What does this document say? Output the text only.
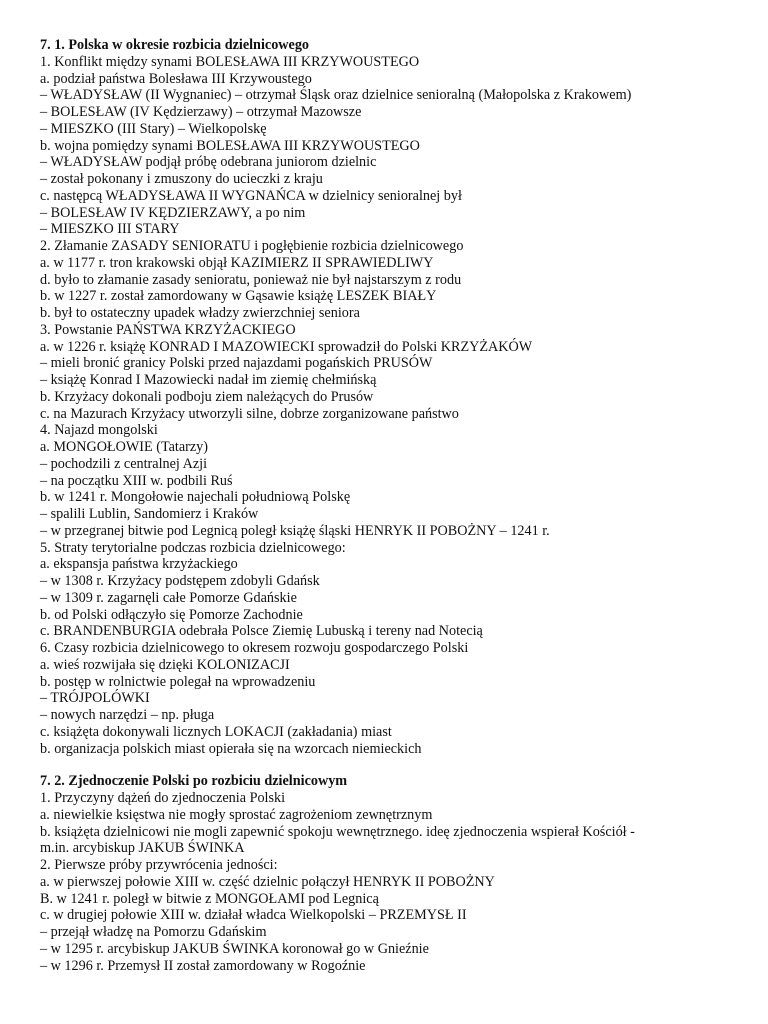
7. 1. Polska w okresie rozbicia dzielnicowego
1. Konflikt między synami BOLESŁAWA III KRZYWOUSTEGO
a. podział państwa Bolesława III Krzywoustego
– WŁADYSŁAW (II Wygnaniec) – otrzymał Śląsk oraz dzielnice senioralną (Małopolska z Krakowem)
– BOLESŁAW (IV Kędzierzawy) – otrzymał Mazowsze
– MIESZKO (III Stary) – Wielkopolskę
b. wojna pomiędzy synami BOLESŁAWA III KRZYWOUSTEGO
– WŁADYSŁAW podjął próbę odebrana juniorom dzielnic
– został pokonany i zmuszony do ucieczki z kraju
c. następcą WŁADYSŁAWA II WYGNAŃCA w dzielnicy senioralnej był
– BOLESŁAW IV KĘDZIERZAWY, a po nim
– MIESZKO III STARY
2. Złamanie ZASADY SENIORATU i pogłębienie rozbicia dzielnicowego
a. w 1177 r. tron krakowski objął KAZIMIERZ II SPRAWIEDLIWY
d. było to złamanie zasady senioratu, ponieważ nie był najstarszym z rodu
b. w 1227 r. został zamordowany w Gąsawie książę LESZEK BIAŁY
b. był to ostateczny upadek władzy zwierzchniej seniora
3. Powstanie PAŃSTWA KRZYŻACKIEGO
a. w 1226 r. książę KONRAD I MAZOWIECKI sprowadził do Polski KRZYŻAKÓW
– mieli bronić granicy Polski przed najazdami pogańskich PRUSÓW
– książę Konrad I Mazowiecki nadał im ziemię chełmińską
b. Krzyżacy dokonali podboju ziem należących do Prusów
c. na Mazurach Krzyżacy utworzyli silne, dobrze zorganizowane państwo
4. Najazd mongolski
a. MONGOŁOWIE (Tatarzy)
– pochodzili z centralnej Azji
– na początku XIII w. podbili Ruś
b. w 1241 r. Mongołowie najechali południową Polskę
– spalili Lublin, Sandomierz i Kraków
– w przegranej bitwie pod Legnicą poległ książę śląski HENRYK II POBOŻNY – 1241 r.
5. Straty terytorialne podczas rozbicia dzielnicowego:
a. ekspansja państwa krzyżackiego
– w 1308 r. Krzyżacy podstępem zdobyli Gdańsk
– w 1309 r. zagarnęli całe Pomorze Gdańskie
b. od Polski odłączyło się Pomorze Zachodnie
c. BRANDENBURGIA odebrała Polsce Ziemię Lubuską i tereny nad Notecią
6. Czasy rozbicia dzielnicowego to okresem rozwoju gospodarczego Polski
a. wieś rozwijała się dzięki KOLONIZACJI
b. postęp w rolnictwie polegał na wprowadzeniu
– TRÓJPOLÓWKI
– nowych narzędzi – np. pługa
c. książęta dokonywali licznych LOKACJI (zakładania) miast
b. organizacja polskich miast opierała się na wzorcach niemieckich
7. 2. Zjednoczenie Polski po rozbiciu dzielnicowym
1. Przyczyny dążeń do zjednoczenia Polski
a. niewielkie księstwa nie mogły sprostać zagrożeniom zewnętrznym
b. książęta dzielnicowi nie mogli zapewnić spokoju wewnętrznego. ideę zjednoczenia wspierał Kościół -
m.in. arcybiskup JAKUB ŚWINKA
2. Pierwsze próby przywrócenia jedności:
a. w pierwszej połowie XIII w. część dzielnic połączył HENRYK II POBOŻNY
B. w 1241 r. poległ w bitwie z MONGOŁAMI pod Legnicą
c. w drugiej połowie XIII w. działał władca Wielkopolski – PRZEMYSŁ II
– przejął władzę na Pomorzu Gdańskim
– w 1295 r. arcybiskup JAKUB ŚWINKA koronował go w Gnieźnie
– w 1296 r. Przemysł II został zamordowany w Rogoźnie
